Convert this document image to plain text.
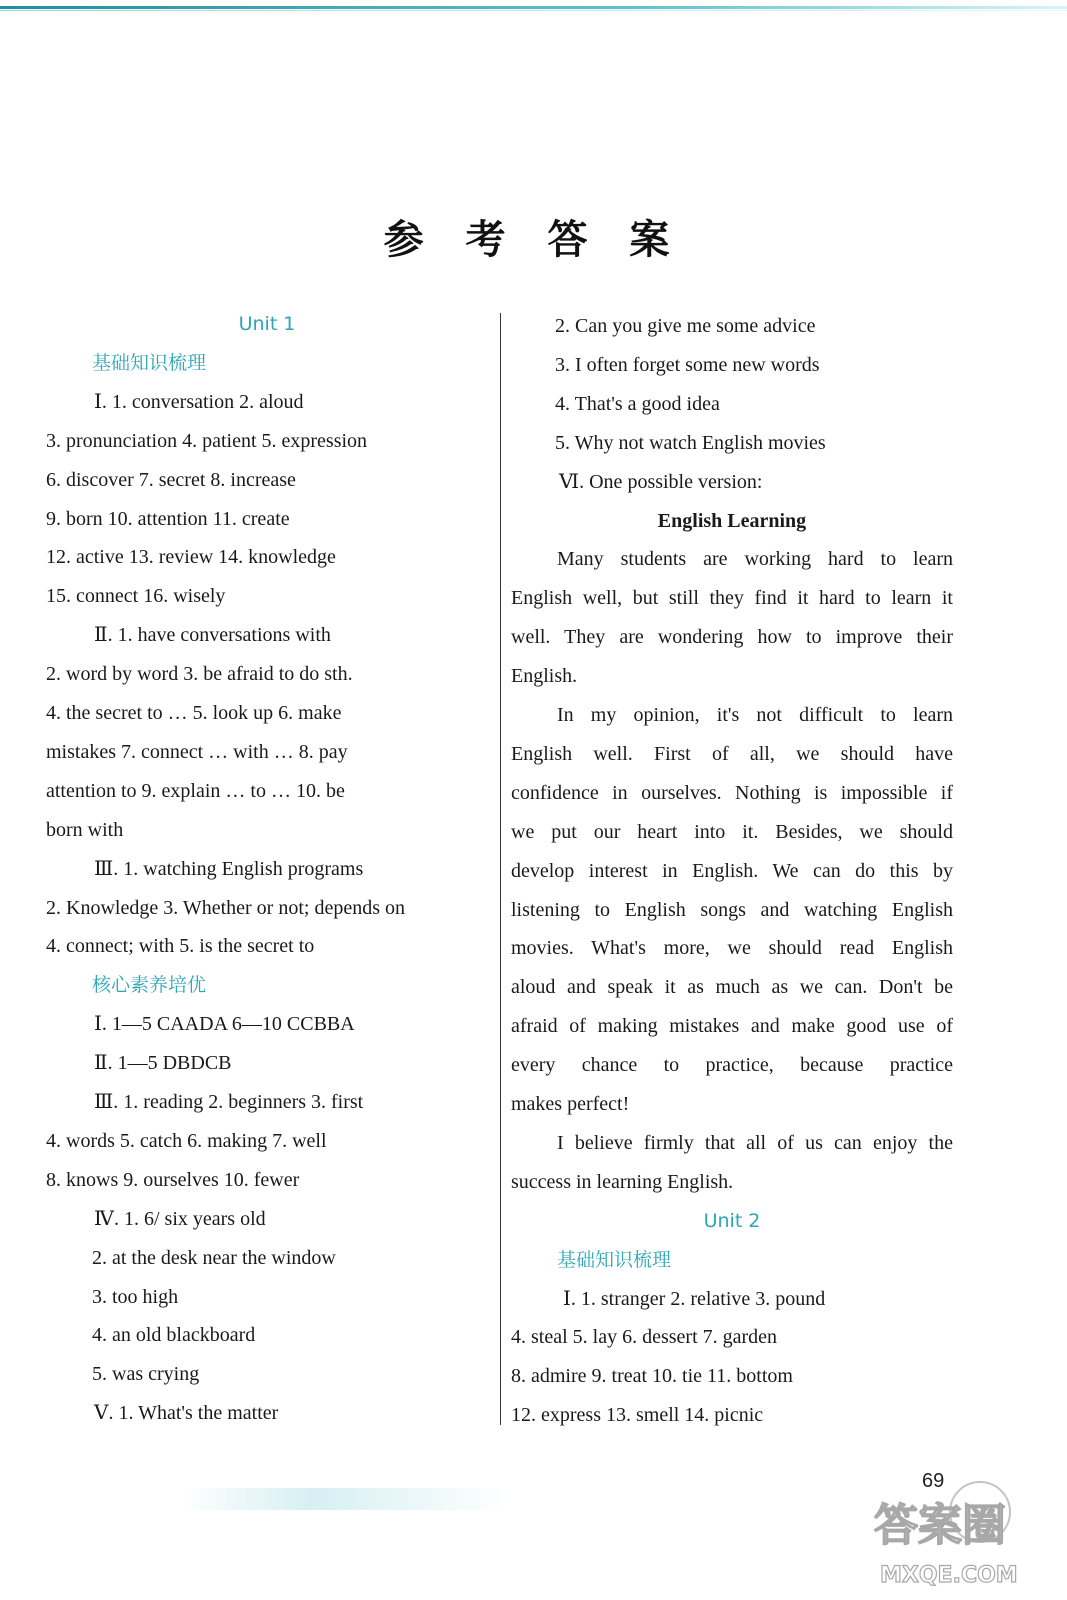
参 考 答 案
Unit 1
基础知识梳理
Ⅰ. 1. conversation 2. aloud
3. pronunciation 4. patient 5. expression
6. discover 7. secret 8. increase
9. born 10. attention 11. create
12. active 13. review 14. knowledge
15. connect 16. wisely
Ⅱ. 1. have conversations with
2. word by word 3. be afraid to do sth.
4. the secret to … 5. look up 6. make
mistakes 7. connect … with … 8. pay
attention to 9. explain … to … 10. be
born with
Ⅲ. 1. watching English programs
2. Knowledge 3. Whether or not; depends on
4. connect; with 5. is the secret to
核心素养培优
Ⅰ. 1—5 CAADA 6—10 CCBBA
Ⅱ. 1—5 DBDCB
Ⅲ. 1. reading 2. beginners 3. first
4. words 5. catch 6. making 7. well
8. knows 9. ourselves 10. fewer
Ⅳ. 1. 6/ six years old
2. at the desk near the window
3. too high
4. an old blackboard
5. was crying
Ⅴ. 1. What's the matter
2. Can you give me some advice
3. I often forget some new words
4. That's a good idea
5. Why not watch English movies
Ⅵ. One possible version:
English Learning
Many students are working hard to learn
English well, but still they find it hard to learn it
well. They are wondering how to improve their
English.
In my opinion, it's not difficult to learn
English well. First of all, we should have
confidence in ourselves. Nothing is impossible if
we put our heart into it. Besides, we should
develop interest in English. We can do this by
listening to English songs and watching English
movies. What's more, we should read English
aloud and speak it as much as we can. Don't be
afraid of making mistakes and make good use of
every chance to practice, because practice
makes perfect!
I believe firmly that all of us can enjoy the
success in learning English.
Unit 2
基础知识梳理
Ⅰ. 1. stranger 2. relative 3. pound
4. steal 5. lay 6. dessert 7. garden
8. admire 9. treat 10. tie 11. bottom
12. express 13. smell 14. picnic
69
答案圈
MXQE.COM
